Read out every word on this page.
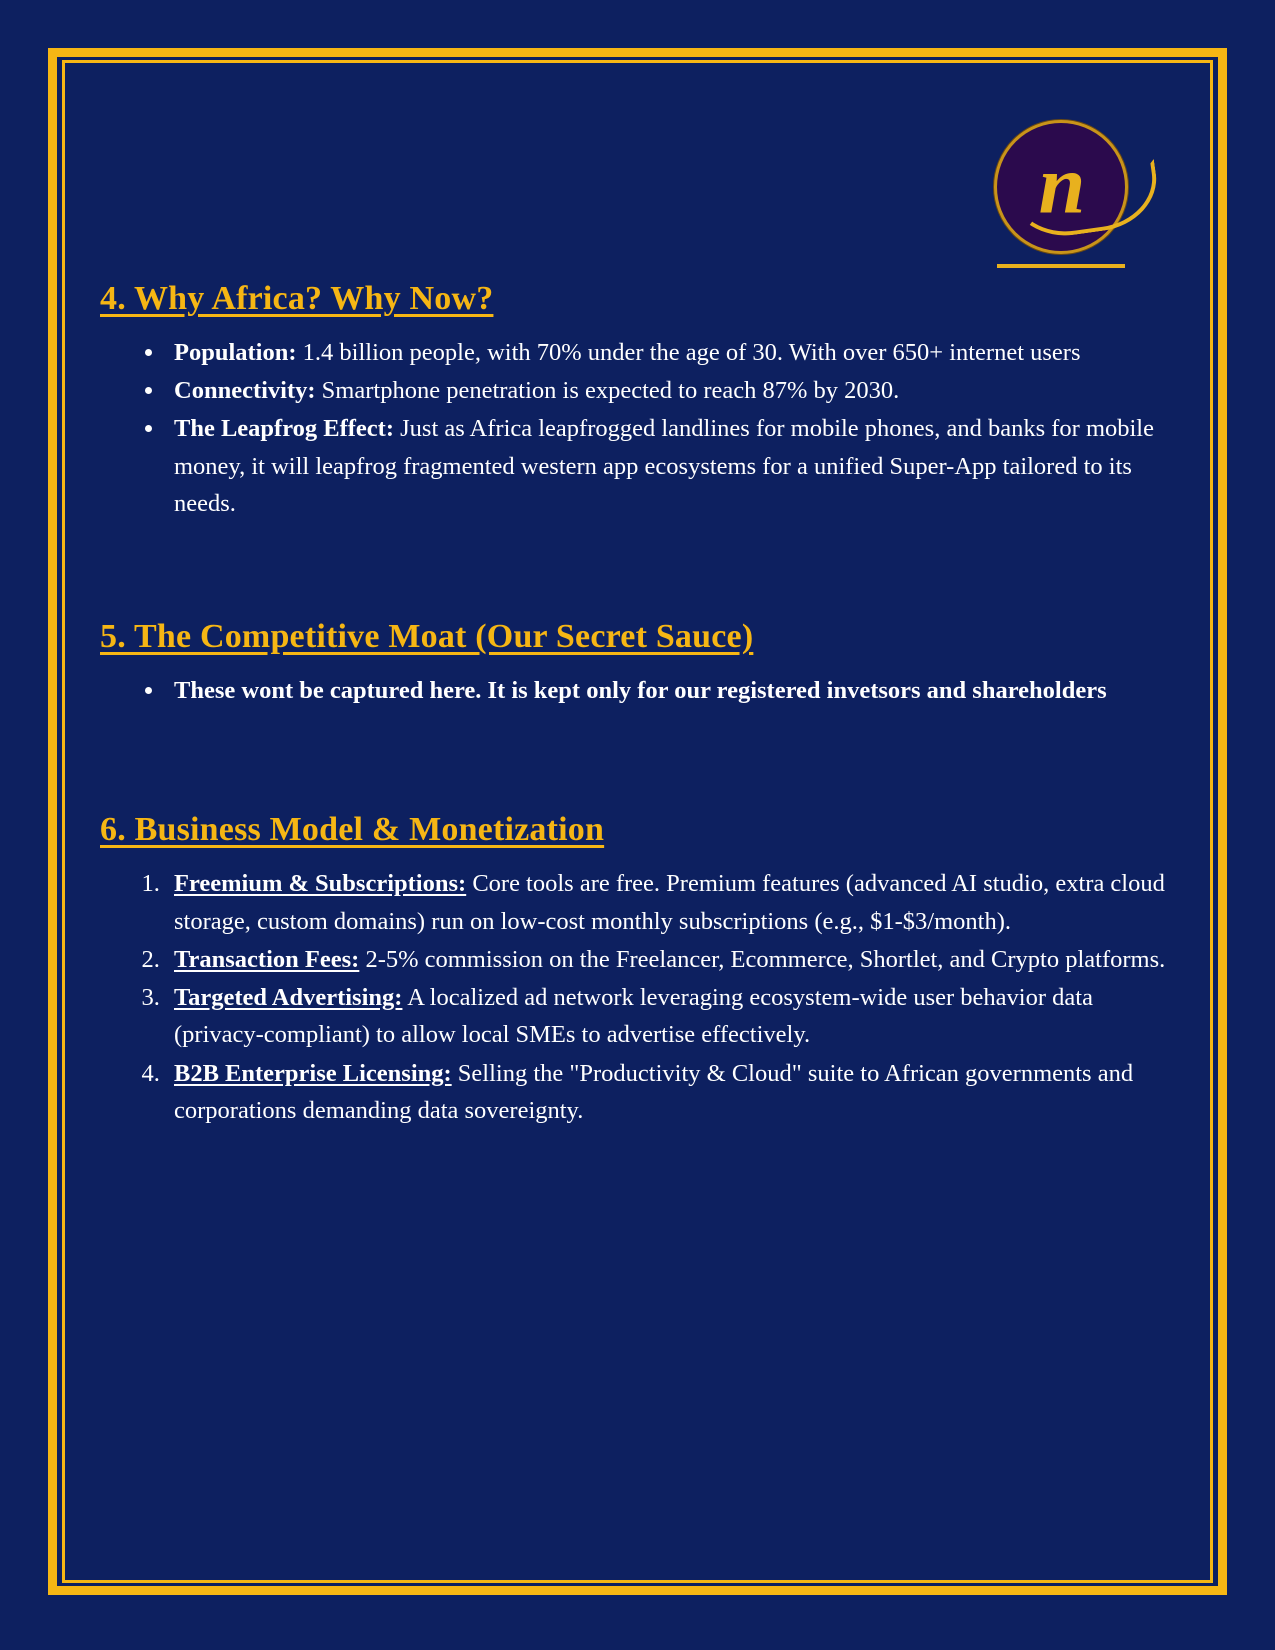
n
4. Why Africa? Why Now?
• Population: 1.4 billion people, with 70% under the age of 30. With over 650+ internet users
• Connectivity: Smartphone penetration is expected to reach 87% by 2030.
• The Leapfrog Effect: Just as Africa leapfrogged landlines for mobile phones, and banks for mobile money, it will leapfrog fragmented western app ecosystems for a unified Super-App tailored to its needs.
5. The Competitive Moat (Our Secret Sauce)
• These wont be captured here. It is kept only for our registered invetsors and shareholders
6. Business Model & Monetization
1. Freemium & Subscriptions: Core tools are free. Premium features (advanced AI studio, extra cloud storage, custom domains) run on low-cost monthly subscriptions (e.g., $1-$3/month).
2. Transaction Fees: 2-5% commission on the Freelancer, Ecommerce, Shortlet, and Crypto platforms.
3. Targeted Advertising: A localized ad network leveraging ecosystem-wide user behavior data (privacy-compliant) to allow local SMEs to advertise effectively.
4. B2B Enterprise Licensing: Selling the "Productivity & Cloud" suite to African governments and corporations demanding data sovereignty.
